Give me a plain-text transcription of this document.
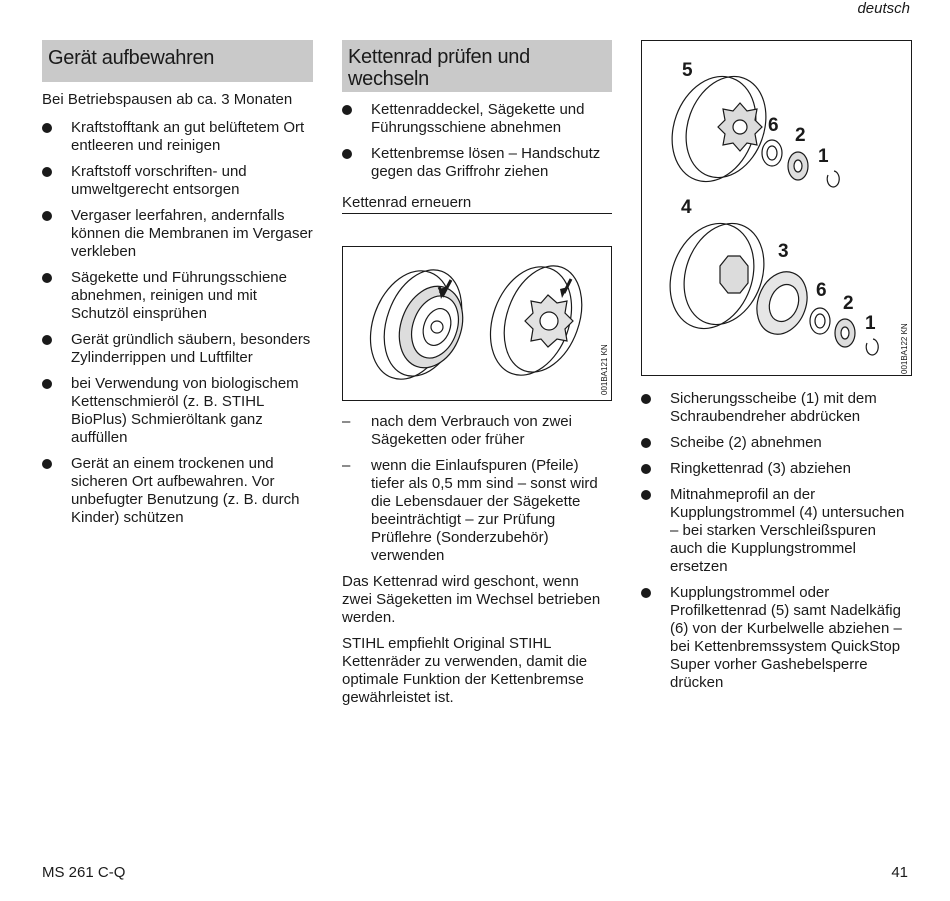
deutsch
Gerät aufbewahren

Bei Betriebspausen ab ca. 3 Monaten

Kraftstofftank an gut belüftetem Ort entleeren und reinigen
Kraftstoff vorschriften- und umweltgerecht entsorgen
Vergaser leerfahren, andernfalls können die Membranen im Vergaser verkleben
Sägekette und Führungsschiene abnehmen, reinigen und mit Schutzöl einsprühen
Gerät gründlich säubern, besonders Zylinderrippen und Luftfilter
bei Verwendung von biologischem Kettenschmieröl (z. B. STIHL BioPlus) Schmieröltank ganz auffüllen
Gerät an einem trockenen und sicheren Ort aufbewahren. Vor unbefugter Benutzung (z. B. durch Kinder) schützen
Kettenrad prüfen und wechseln
Kettenraddeckel, Sägekette und Führungsschiene abnehmen
Kettenbremse lösen – Handschutz gegen das Griffrohr ziehen
Kettenrad erneuern
001BA121 KN
– nach dem Verbrauch von zwei Sägeketten oder früher
– wenn die Einlaufspuren (Pfeile) tiefer als 0,5 mm sind – sonst wird die Lebensdauer der Sägekette beeinträchtigt – zur Prüfung Prüflehre (Sonderzubehör) verwenden

Das Kettenrad wird geschont, wenn zwei Sägeketten im Wechsel betrieben werden.

STIHL empfiehlt Original STIHL Kettenräder zu verwenden, damit die optimale Funktion der Kettenbremse gewährleistet ist.

5
6 2
1
4
3
6
2
1	001BA122 KN
Sicherungsscheibe (1) mit dem Schraubendreher abdrücken
Scheibe (2) abnehmen
Ringkettenrad (3) abziehen
Mitnahmeprofil an der Kupplungstrommel (4) untersuchen – bei starken Verschleißspuren auch die Kupplungstrommel ersetzen
Kupplungstrommel oder Profilkettenrad (5) samt Nadelkäfig (6) von der Kurbelwelle abziehen – bei Kettenbremssystem QuickStop Super vorher Gashebelsperre drücken
MS 261 C-Q	41
